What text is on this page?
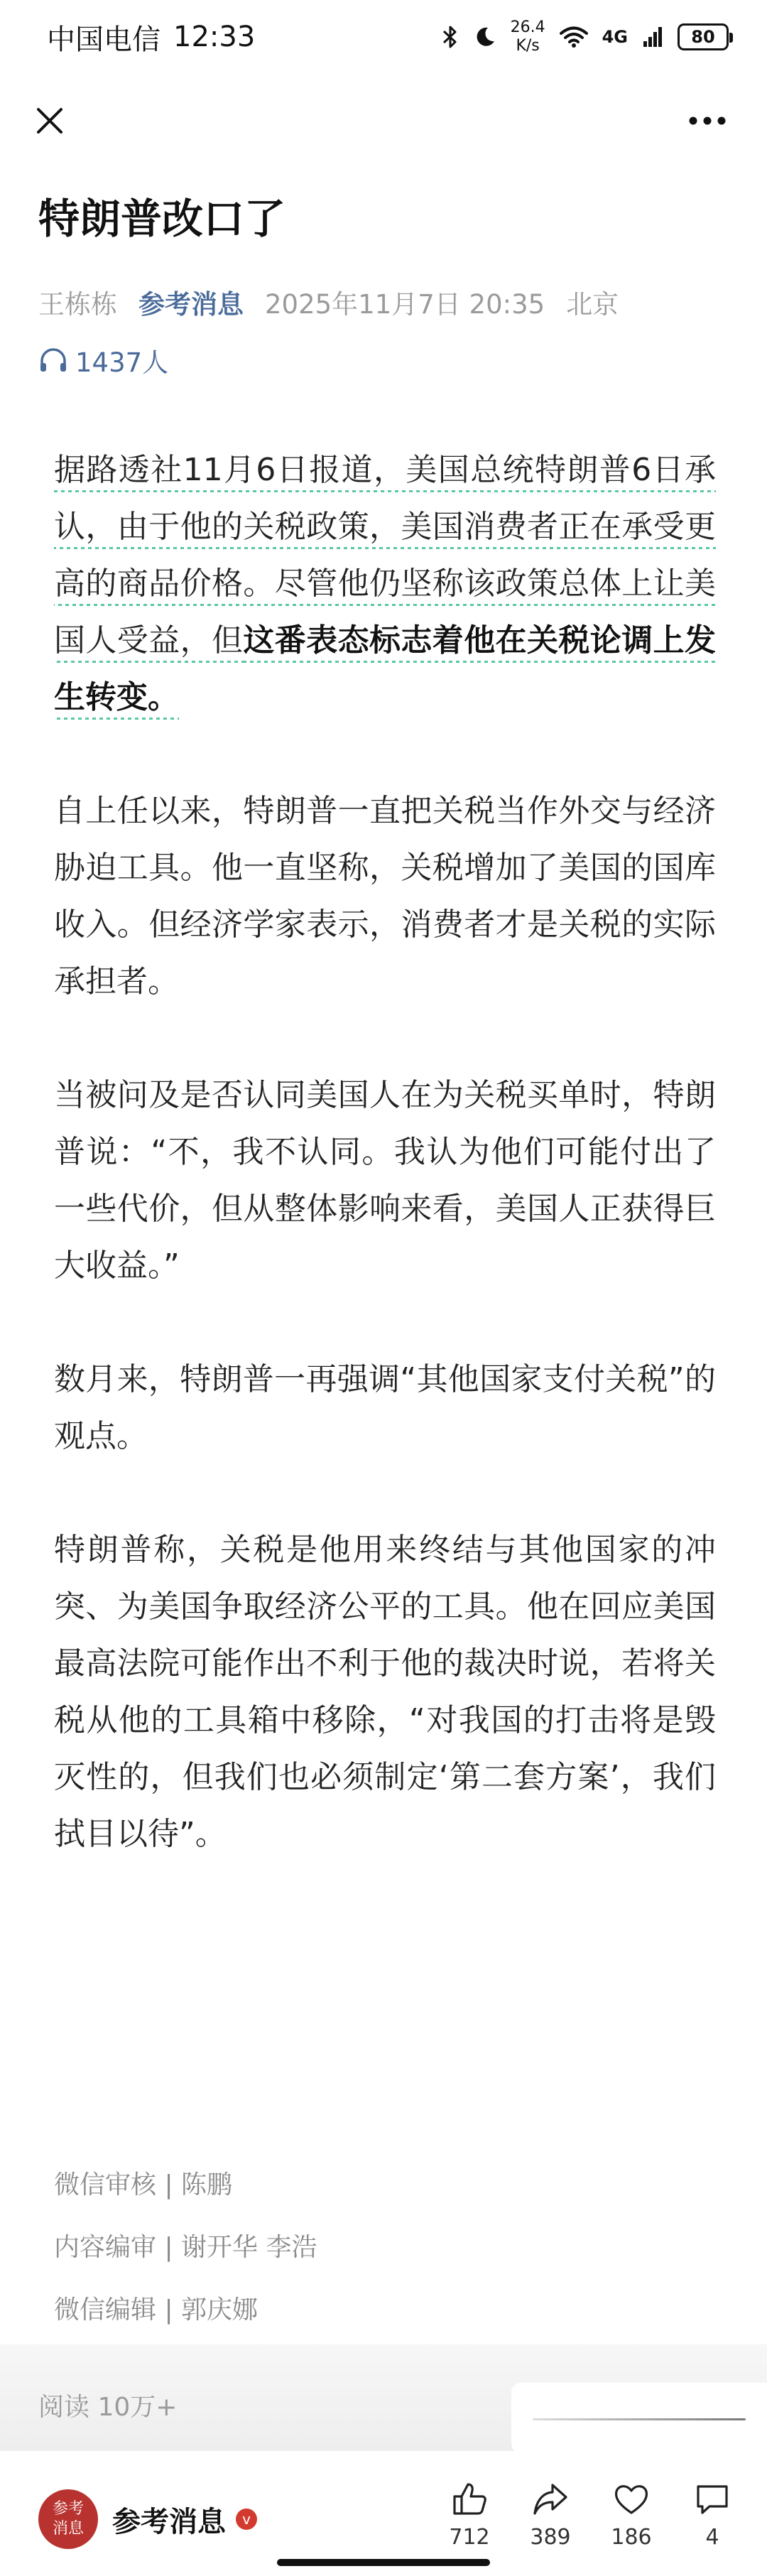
中国电信 12:33	26.4
K/s	4G	80
特朗普改口了
王栋栋 参考消息 2025年11月7日 20:35 北京
1437人

据路透社11月6日报道，美国总统特朗普6日承认，由于他的关税政策，美国消费者正在承受更高的商品价格。尽管他仍坚称该政策总体上让美国人受益，但这番表态标志着他在关税论调上发生转变。

自上任以来，特朗普一直把关税当作外交与经济胁迫工具。他一直坚称，关税增加了美国的国库收入。但经济学家表示，消费者才是关税的实际承担者。

当被问及是否认同美国人在为关税买单时，特朗普说：“不，我不认同。我认为他们可能付出了一些代价，但从整体影响来看，美国人正获得巨大收益。”

数月来，特朗普一再强调“其他国家支付关税”的观点。

特朗普称，关税是他用来终结与其他国家的冲突、为美国争取经济公平的工具。他在回应美国最高法院可能作出不利于他的裁决时说，若将关税从他的工具箱中移除，“对我国的打击将是毁灭性的，但我们也必须制定‘第二套方案’，我们拭目以待”。

微信审核 | 陈鹏
内容编审 | 谢开华 李浩
微信编辑 | 郭庆娜
阅读 10万+
参考消息	参考消息	v
712 389 186	4
